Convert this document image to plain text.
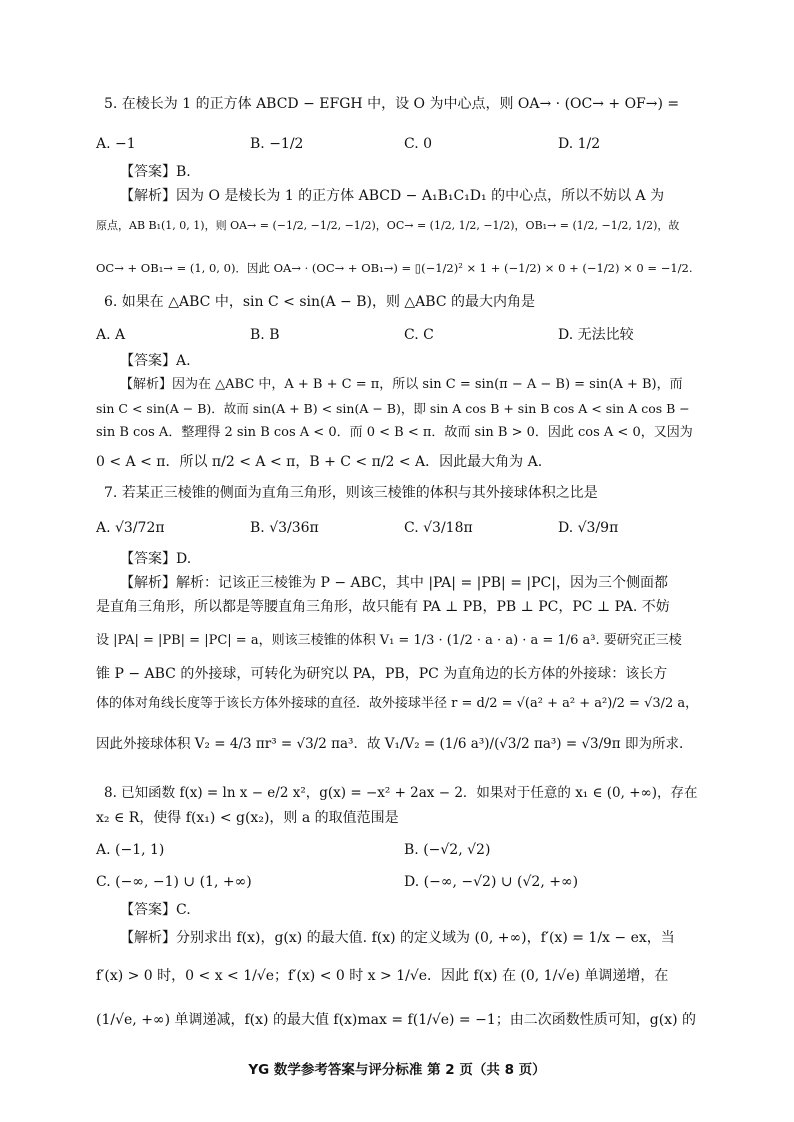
5. 在棱长为 1 的正方体 ABCD − EFGH 中，设 O 为中心点，则 OA→ · (OC→ + OF→) =
A. −1	B. −1/2	C. 0	D. 1/2
【答案】B.
【解析】因为 O 是棱长为 1 的正方体 ABCD − A₁B₁C₁D₁ 的中心点，所以不妨以 A 为
原点，AB B₁(1, 0, 1)，则 OA→ = (−1/2, −1/2, −1/2)，OC→ = (1/2, 1/2, −1/2)，OB₁→ = (1/2, −1/2, 1/2)，故
OC→ + OB₁→ = (1, 0, 0)．因此 OA→ · (OC→ + OB₁→) = ▯(−1/2)² × 1 + (−1/2) × 0 + (−1/2) × 0 = −1/2.
6. 如果在 △ABC 中，sin C < sin(A − B)，则 △ABC 的最大内角是
A. A	B. B	C. C	D. 无法比较
【答案】A.
【解析】因为在 △ABC 中，A + B + C = π，所以 sin C = sin(π − A − B) = sin(A + B)，而
sin C < sin(A − B)．故而 sin(A + B) < sin(A − B)，即 sin A cos B + sin B cos A < sin A cos B −
sin B cos A．整理得 2 sin B cos A < 0．而 0 < B < π．故而 sin B > 0．因此 cos A < 0，又因为
0 < A < π．所以 π/2 < A < π，B + C < π/2 < A．因此最大角为 A.
7. 若某正三棱锥的侧面为直角三角形，则该三棱锥的体积与其外接球体积之比是
A. √3/72π	B. √3/36π	C. √3/18π	D. √3/9π
【答案】D.
【解析】解析：记该正三棱锥为 P − ABC，其中 |PA| = |PB| = |PC|，因为三个侧面都
是直角三角形，所以都是等腰直角三角形，故只能有 PA ⊥ PB，PB ⊥ PC，PC ⊥ PA. 不妨
设 |PA| = |PB| = |PC| = a，则该三棱锥的体积 V₁ = 1/3 · (1/2 · a · a) · a = 1/6 a³. 要研究正三棱
锥 P − ABC 的外接球，可转化为研究以 PA，PB，PC 为直角边的长方体的外接球：该长方
体的体对角线长度等于该长方体外接球的直径．故外接球半径 r = d/2 = √(a² + a² + a²)/2 = √3/2 a，
因此外接球体积 V₂ = 4/3 πr³ = √3/2 πa³．故 V₁/V₂ = (1/6 a³)/(√3/2 πa³) = √3/9π 即为所求.
8. 已知函数 f(x) = ln x − e/2 x²，g(x) = −x² + 2ax − 2．如果对于任意的 x₁ ∈ (0, +∞)，存在
x₂ ∈ R，使得 f(x₁) < g(x₂)，则 a 的取值范围是
A. (−1, 1)	B. (−√2, √2)
C. (−∞, −1) ∪ (1, +∞)	D. (−∞, −√2) ∪ (√2, +∞)
【答案】C.
【解析】分别求出 f(x)，g(x) 的最大值. f(x) 的定义域为 (0, +∞)，f′(x) = 1/x − ex，当
f′(x) > 0 时，0 < x < 1/√e；f′(x) < 0 时 x > 1/√e．因此 f(x) 在 (0, 1/√e) 单调递增，在
(1/√e, +∞) 单调递减，f(x) 的最大值 f(x)max = f(1/√e) = −1；由二次函数性质可知，g(x) 的
YG 数学参考答案与评分标准 第 2 页（共 8 页）
